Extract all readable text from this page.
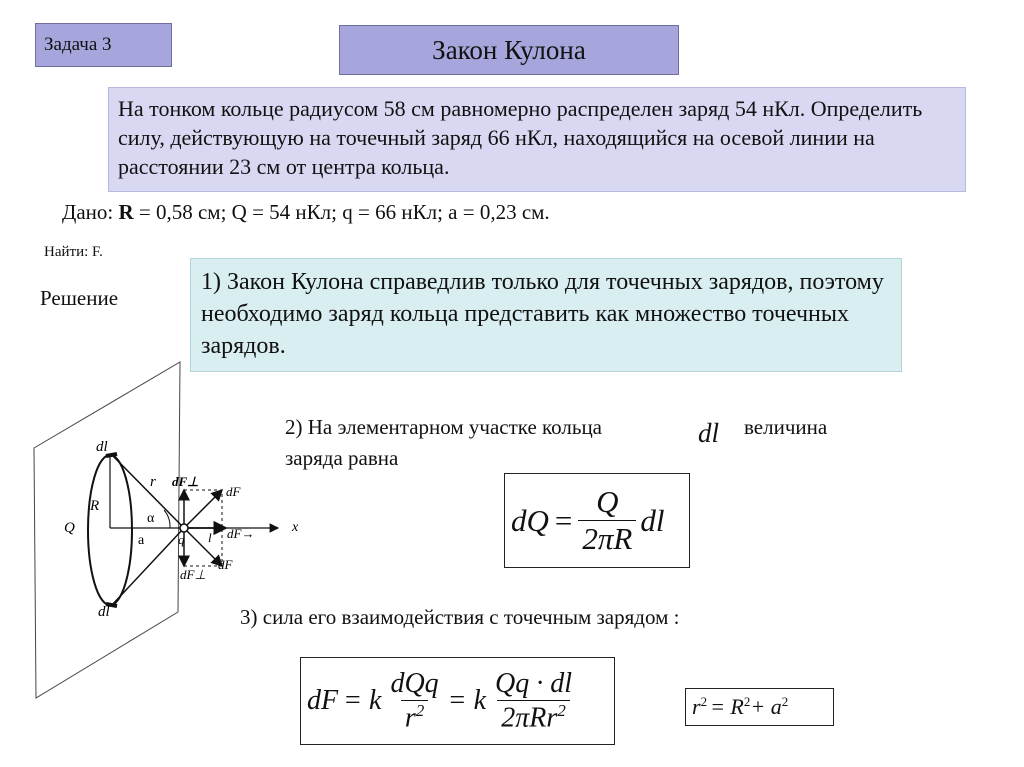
Задача 3	Закон Кулона
На тонком кольце радиусом 58 см равномерно распределен заряд 54 нКл. Определить силу, действующую на точечный заряд 66 нКл, находящийся на осевой линии на расстоянии 23 см от центра кольца.
Дано: R = 0,58 см; Q = 54 нКл; q = 66 нКл; a = 0,23 см.
Найти: F.
Решение
1) Закон Кулона справедлив только для точечных зарядов, поэтому необходимо заряд кольца представить как множество точечных зарядов.
2) На элементарном участке кольца	dl величина
заряда равна
dQ = $\frac{Q}{2\pi R}$ dl
3) сила его взаимодействия с точечным зарядом :
dF = k $\frac{\text{dQq}}{r^2} = k \frac{Qq \cdot dl}{2\pi Rr^2}$	$r^2 = R^2 + a^2$
dl
dl
r
R
Q
α
a	q l
x
dF⊥
dF
dF→
dF⊥
dF
